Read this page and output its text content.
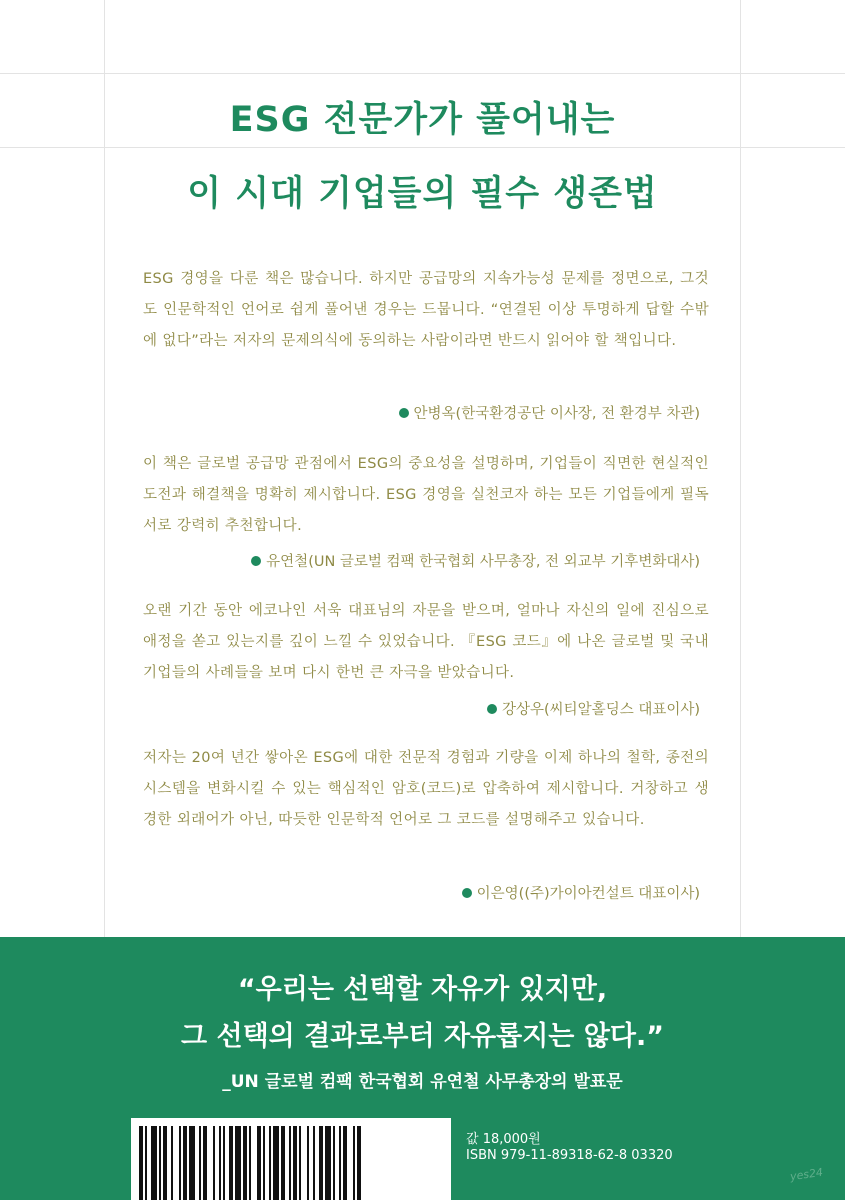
ESG 전문가가 풀어내는
이 시대 기업들의 필수 생존법
ESG 경영을 다룬 책은 많습니다. 하지만 공급망의 지속가능성 문제를 정면으로, 그것도 인문학적인 언어로 쉽게 풀어낸 경우는 드뭅니다. “연결된 이상 투명하게 답할 수밖에 없다”라는 저자의 문제의식에 동의하는 사람이라면 반드시 읽어야 할 책입니다.
안병옥(한국환경공단 이사장, 전 환경부 차관)
이 책은 글로벌 공급망 관점에서 ESG의 중요성을 설명하며, 기업들이 직면한 현실적인 도전과 해결책을 명확히 제시합니다. ESG 경영을 실천코자 하는 모든 기업들에게 필독서로 강력히 추천합니다.
유연철(UN 글로벌 컴팩 한국협회 사무총장, 전 외교부 기후변화대사)
오랜 기간 동안 에코나인 서욱 대표님의 자문을 받으며, 얼마나 자신의 일에 진심으로 애정을 쏟고 있는지를 깊이 느낄 수 있었습니다. 『ESG 코드』에 나온 글로벌 및 국내 기업들의 사례들을 보며 다시 한번 큰 자극을 받았습니다.
강상우(씨티알홀딩스 대표이사)
저자는 20여 년간 쌓아온 ESG에 대한 전문적 경험과 기량을 이제 하나의 철학, 종전의 시스템을 변화시킬 수 있는 핵심적인 암호(코드)로 압축하여 제시합니다. 거창하고 생경한 외래어가 아닌, 따듯한 인문학적 언어로 그 코드를 설명해주고 있습니다.
이은영((주)가이아컨설트 대표이사)
“우리는 선택할 자유가 있지만,
그 선택의 결과로부터 자유롭지는 않다.”
_UN 글로벌 컴팩 한국협회 유연철 사무총장의 발표문
값 18,000원
ISBN 979-11-89318-62-8 03320
yes24
